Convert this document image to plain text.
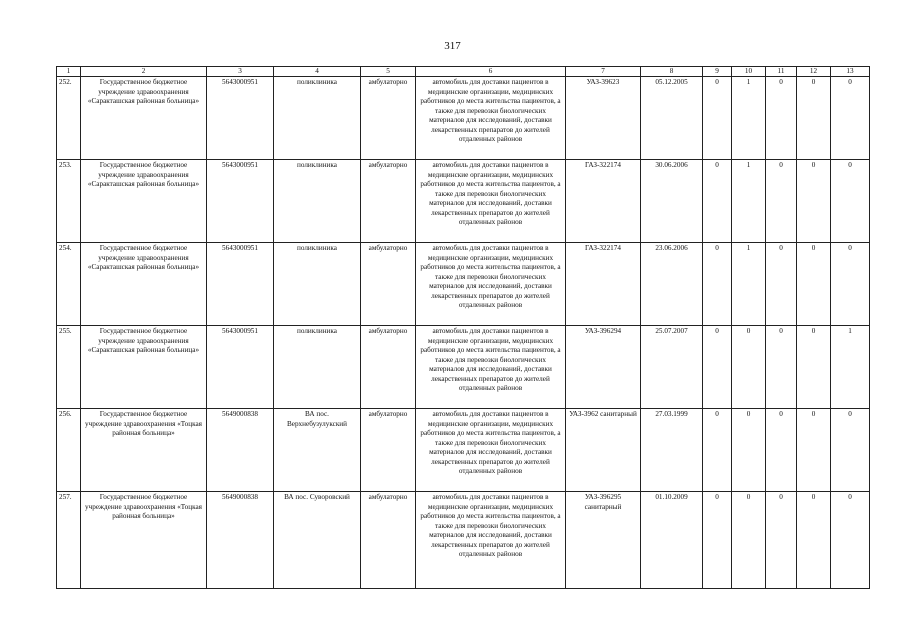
317
1	2	3	4	5	6	7	8	9	10	11	12	13
252.	Государственное бюджетное учреждение здравоохранения «Саракташская районная больница»	5643000951	поликлиника	амбулаторно	автомобиль для доставки пациентов в медицинские организации, медицинских работников до места жительства пациентов, а также для перевозки биологических материалов для исследований, доставки лекарственных препаратов до жителей отдаленных районов	УАЗ-39623	05.12.2005	0	1	0	0	0
253.	Государственное бюджетное учреждение здравоохранения «Саракташская районная больница»	5643000951	поликлиника	амбулаторно	автомобиль для доставки пациентов в медицинские организации, медицинских работников до места жительства пациентов, а также для перевозки биологических материалов для исследований, доставки лекарственных препаратов до жителей отдаленных районов	ГАЗ-322174	30.06.2006	0	1	0	0	0
254.	Государственное бюджетное учреждение здравоохранения «Саракташская районная больница»	5643000951	поликлиника	амбулаторно	автомобиль для доставки пациентов в медицинские организации, медицинских работников до места жительства пациентов, а также для перевозки биологических материалов для исследований, доставки лекарственных препаратов до жителей отдаленных районов	ГАЗ-322174	23.06.2006	0	1	0	0	0
255.	Государственное бюджетное учреждение здравоохранения «Саракташская районная больница»	5643000951	поликлиника	амбулаторно	автомобиль для доставки пациентов в медицинские организации, медицинских работников до места жительства пациентов, а также для перевозки биологических материалов для исследований, доставки лекарственных препаратов до жителей отдаленных районов	УАЗ-396294	25.07.2007	0	0	0	0	1
256.	Государственное бюджетное учреждение здравоохранения «Тоцкая районная больница»	5649000838	ВА пос. Верхнебузулукский	амбулаторно	автомобиль для доставки пациентов в медицинские организации, медицинских работников до места жительства пациентов, а также для перевозки биологических материалов для исследований, доставки лекарственных препаратов до жителей отдаленных районов	УАЗ-3962 санитарный	27.03.1999	0	0	0	0	0
257.	Государственное бюджетное учреждение здравоохранения «Тоцкая районная больница»	5649000838	ВА пос. Суворовский	амбулаторно	автомобиль для доставки пациентов в медицинские организации, медицинских работников до места жительства пациентов, а также для перевозки биологических материалов для исследований, доставки лекарственных препаратов до жителей отдаленных районов	УАЗ-396295 санитарный	01.10.2009	0	0	0	0	0
